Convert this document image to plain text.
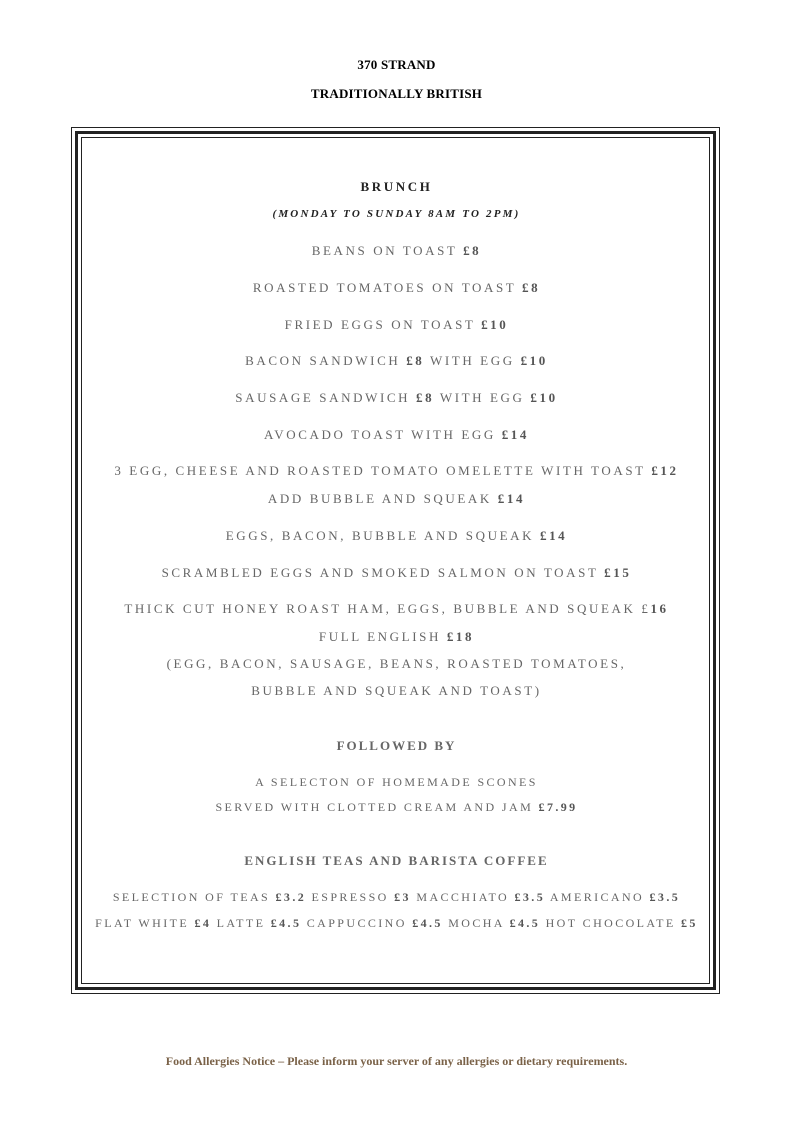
370 STRAND
TRADITIONALLY BRITISH
BRUNCH
(MONDAY TO SUNDAY 8AM TO 2PM)
BEANS ON TOAST £8
ROASTED TOMATOES ON TOAST £8
FRIED EGGS ON TOAST £10
BACON SANDWICH £8 WITH EGG £10
SAUSAGE SANDWICH £8 WITH EGG £10
AVOCADO TOAST WITH EGG £14
3 EGG, CHEESE AND ROASTED TOMATO OMELETTE WITH TOAST £12
ADD BUBBLE AND SQUEAK £14
EGGS, BACON, BUBBLE AND SQUEAK £14
SCRAMBLED EGGS AND SMOKED SALMON ON TOAST £15
THICK CUT HONEY ROAST HAM, EGGS, BUBBLE AND SQUEAK £16
FULL ENGLISH £18
(EGG, BACON, SAUSAGE, BEANS, ROASTED TOMATOES,
BUBBLE AND SQUEAK AND TOAST)
FOLLOWED BY
A SELECTON OF HOMEMADE SCONES
SERVED WITH CLOTTED CREAM AND JAM £7.99
ENGLISH TEAS AND BARISTA COFFEE
SELECTION OF TEAS £3.2 ESPRESSO £3 MACCHIATO £3.5 AMERICANO £3.5
FLAT WHITE £4 LATTE £4.5 CAPPUCCINO £4.5 MOCHA £4.5 HOT CHOCOLATE £5
Food Allergies Notice – Please inform your server of any allergies or dietary requirements.
